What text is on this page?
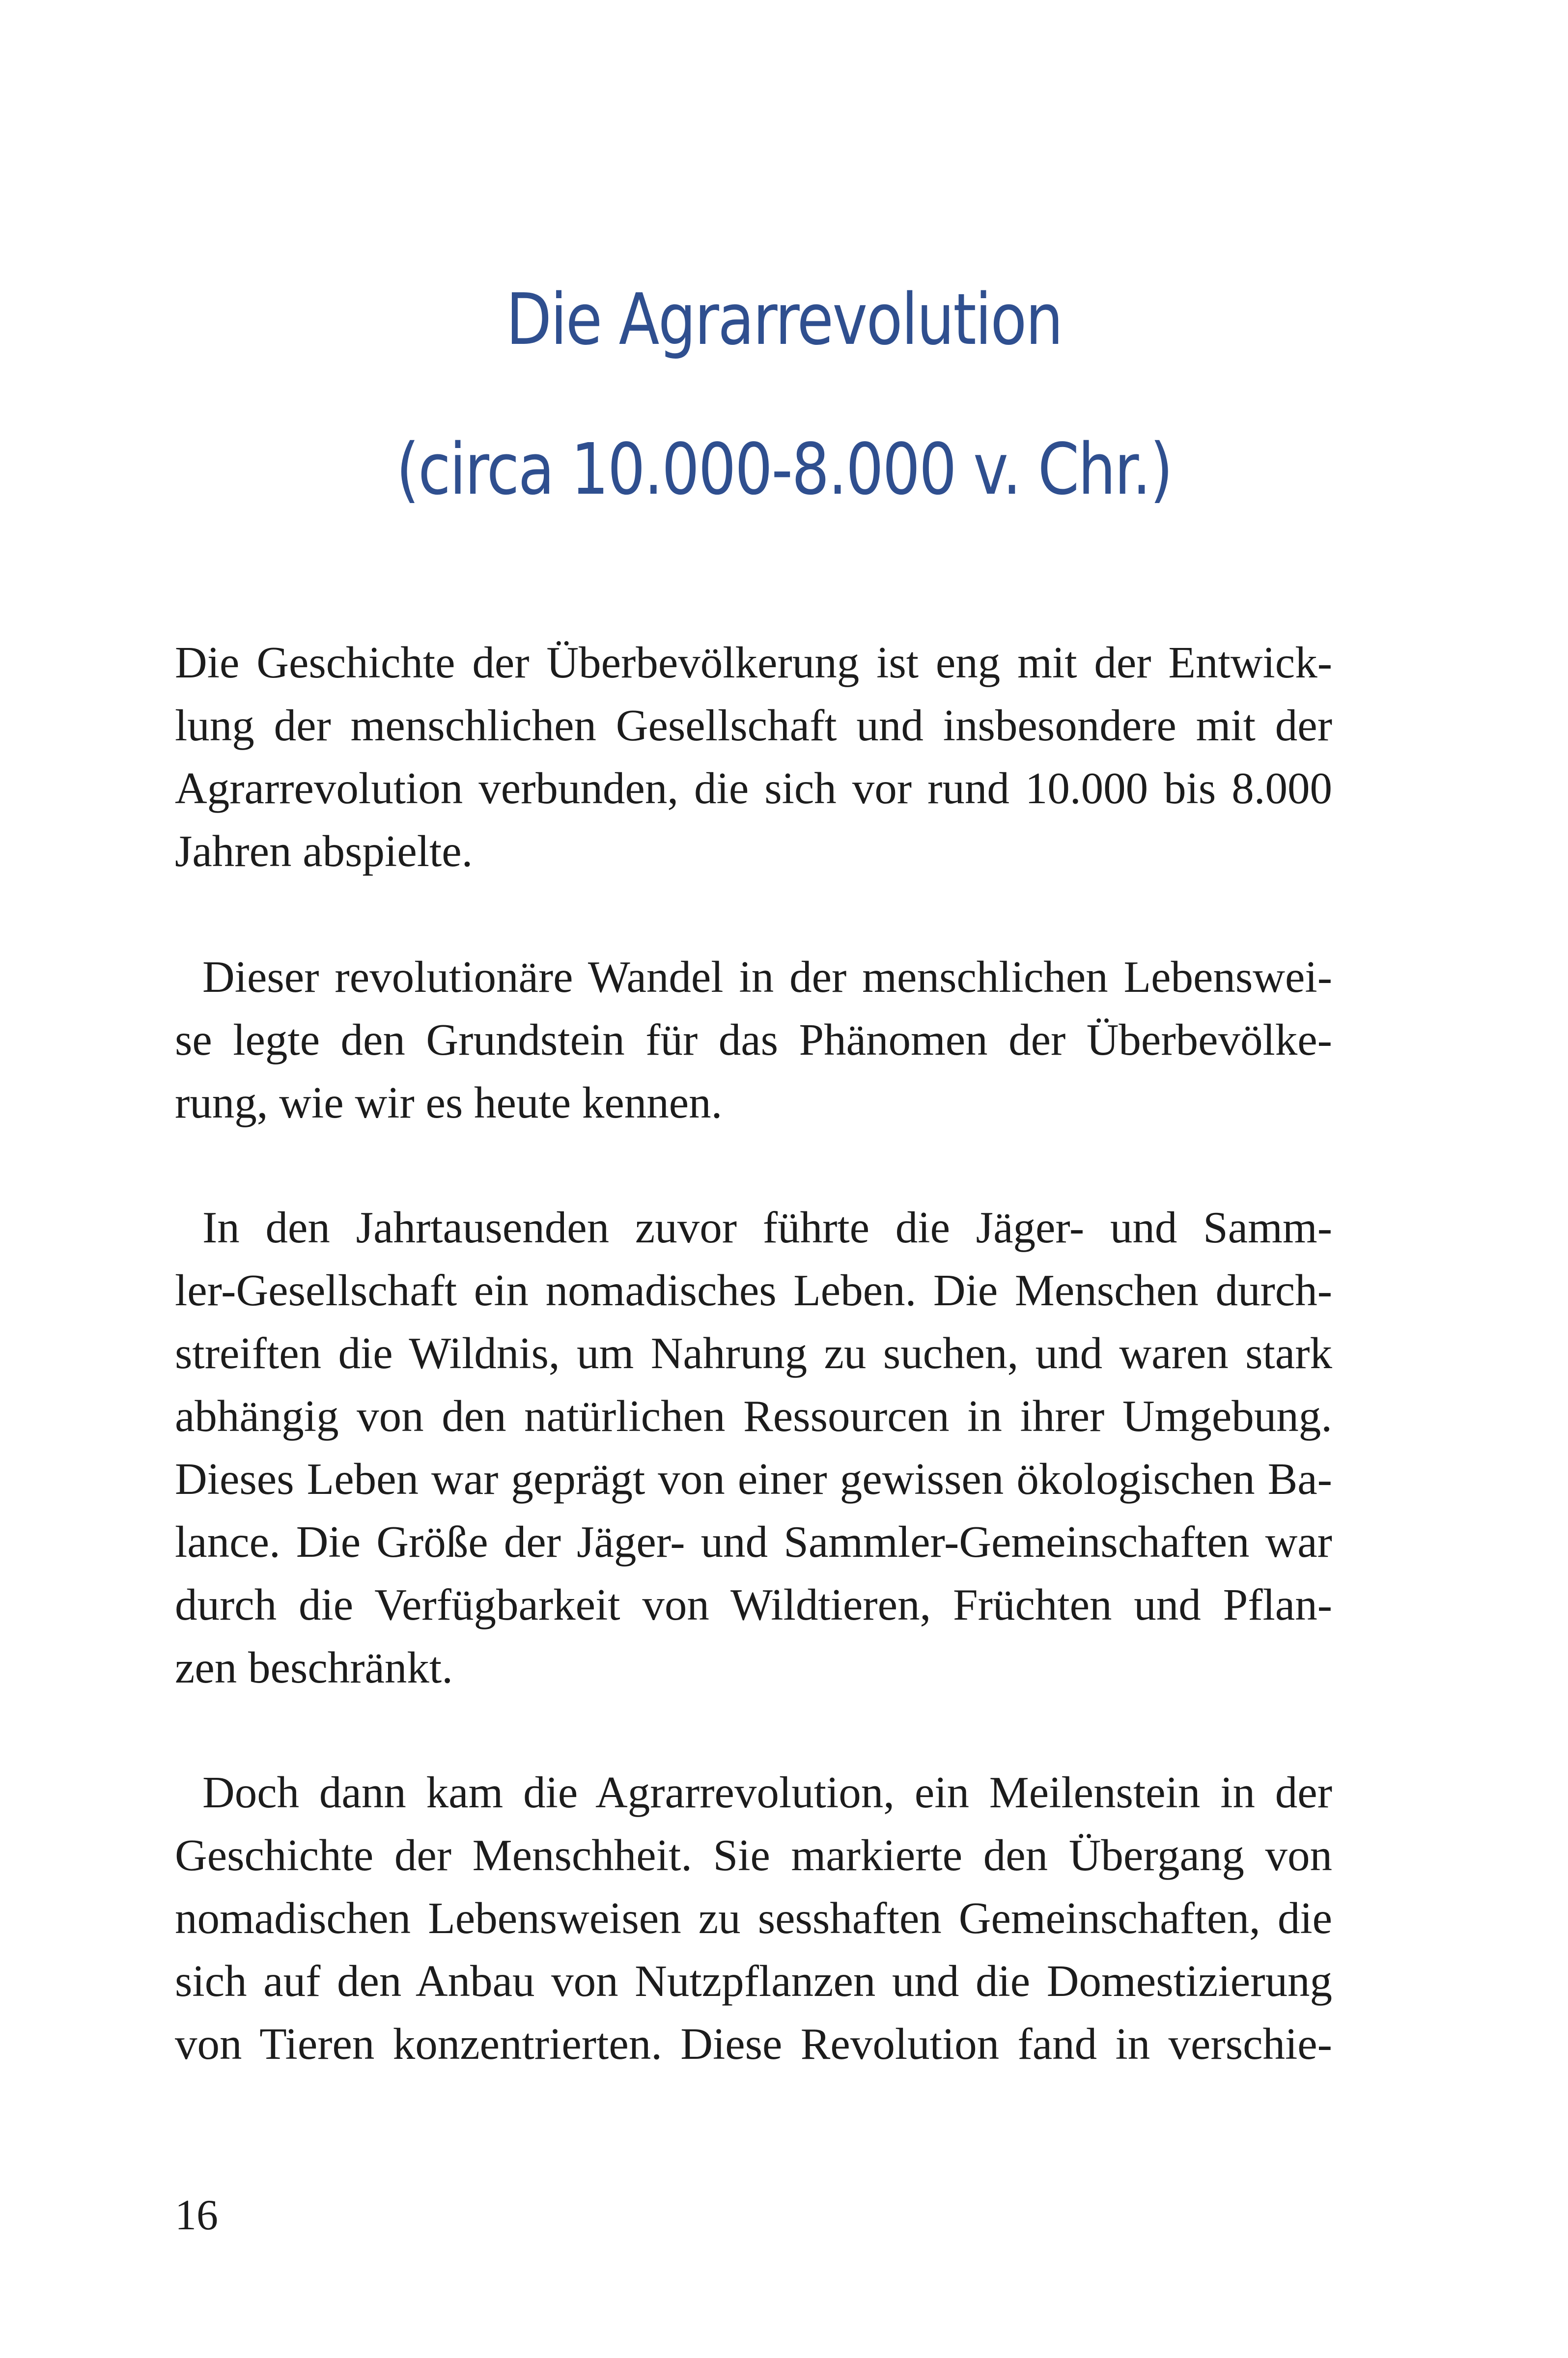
Die Agrarrevolution
(circa 10.000-8.000 v. Chr.)
Die Geschichte der Überbevölkerung ist eng mit der Entwick-
lung der menschlichen Gesellschaft und insbesondere mit der
Agrarrevolution verbunden, die sich vor rund 10.000 bis 8.000
Jahren abspielte.
Dieser revolutionäre Wandel in der menschlichen Lebenswei-
se legte den Grundstein für das Phänomen der Überbevölke-
rung, wie wir es heute kennen.
In den Jahrtausenden zuvor führte die Jäger- und Samm-
ler-Gesellschaft ein nomadisches Leben. Die Menschen durch-
streiften die Wildnis, um Nahrung zu suchen, und waren stark
abhängig von den natürlichen Ressourcen in ihrer Umgebung.
Dieses Leben war geprägt von einer gewissen ökologischen Ba-
lance. Die Größe der Jäger- und Sammler-Gemeinschaften war
durch die Verfügbarkeit von Wildtieren, Früchten und Pflan-
zen beschränkt.
Doch dann kam die Agrarrevolution, ein Meilenstein in der
Geschichte der Menschheit. Sie markierte den Übergang von
nomadischen Lebensweisen zu sesshaften Gemeinschaften, die
sich auf den Anbau von Nutzpflanzen und die Domestizierung
von Tieren konzentrierten. Diese Revolution fand in verschie-
16
